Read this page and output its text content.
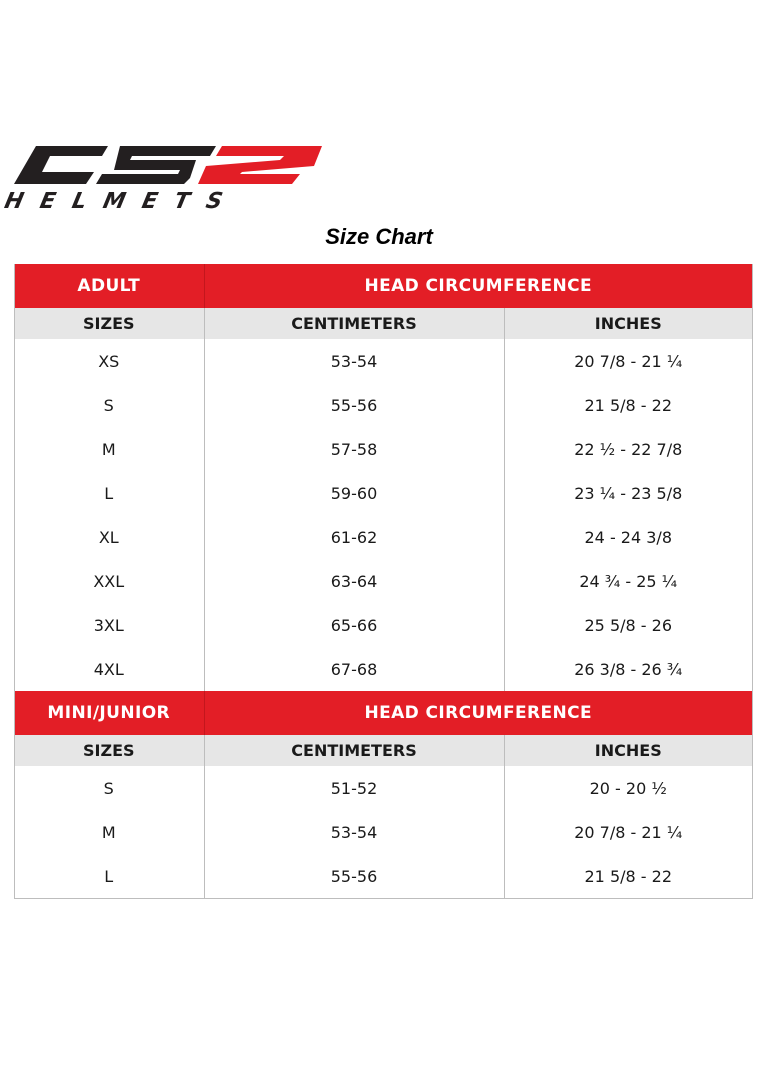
HELMETS
Size Chart
ADULT	HEAD CIRCUMFERENCE	
SIZES	CENTIMETERS	INCHES
XS	53-54	20 7/8 - 21 ¼
S	55-56	21 5/8 - 22
M	57-58	22 ½ - 22 7/8
L	59-60	23 ¼ - 23 5/8
XL	61-62	24 - 24 3/8
XXL	63-64	24 ¾ - 25 ¼
3XL	65-66	25 5/8 - 26
4XL	67-68	26 3/8 - 26 ¾
MINI/JUNIOR	HEAD CIRCUMFERENCE	
SIZES	CENTIMETERS	INCHES
S	51-52	20 - 20 ½
M	53-54	20 7/8 - 21 ¼
L	55-56	21 5/8 - 22
